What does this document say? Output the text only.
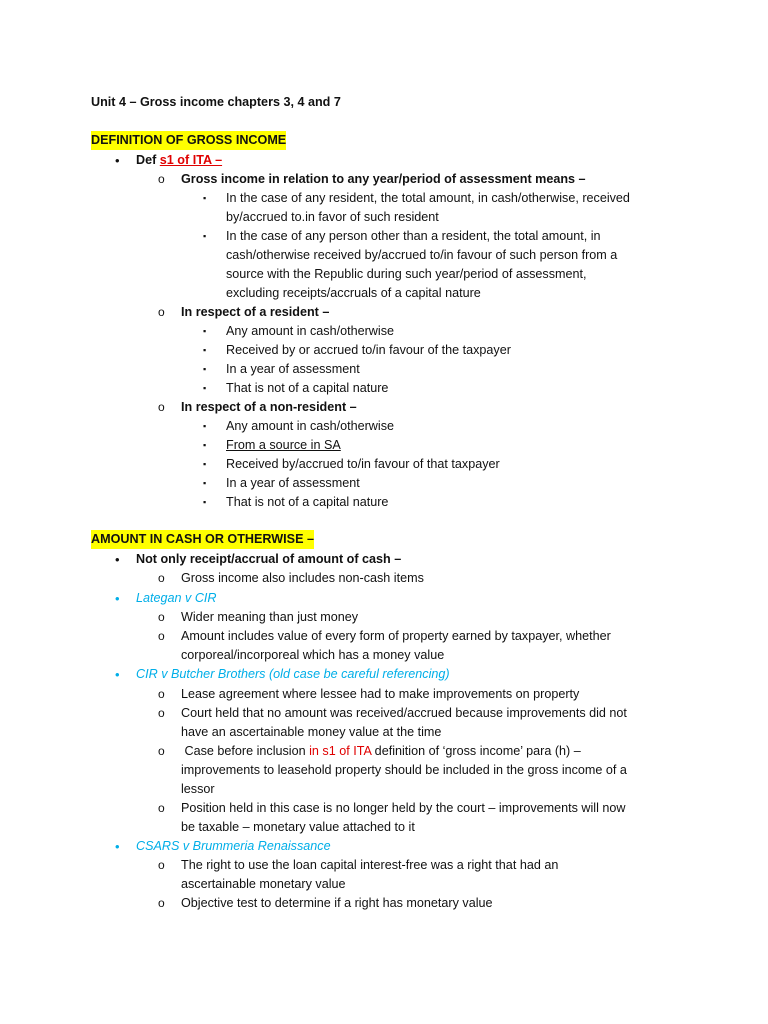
Unit 4 – Gross income chapters 3, 4 and 7
DEFINITION OF GROSS INCOME
• Def s1 of ITA –
o Gross income in relation to any year/period of assessment means –
▪ In the case of any resident, the total amount, in cash/otherwise, received
by/accrued to.in favor of such resident
▪ In the case of any person other than a resident, the total amount, in
cash/otherwise received by/accrued to/in favour of such person from a
source with the Republic during such year/period of assessment,
excluding receipts/accruals of a capital nature
o In respect of a resident –
▪ Any amount in cash/otherwise
▪ Received by or accrued to/in favour of the taxpayer
▪ In a year of assessment
▪ That is not of a capital nature
o In respect of a non-resident –
▪ Any amount in cash/otherwise
▪ From a source in SA
▪ Received by/accrued to/in favour of that taxpayer
▪ In a year of assessment
▪ That is not of a capital nature
AMOUNT IN CASH OR OTHERWISE –
• Not only receipt/accrual of amount of cash –
o Gross income also includes non-cash items
• Lategan v CIR
o Wider meaning than just money
o Amount includes value of every form of property earned by taxpayer, whether
corporeal/incorporeal which has a money value
• CIR v Butcher Brothers (old case be careful referencing)
o Lease agreement where lessee had to make improvements on property
o Court held that no amount was received/accrued because improvements did not
have an ascertainable money value at the time
o Case before inclusion in s1 of ITA definition of ‘gross income’ para (h) –
improvements to leasehold property should be included in the gross income of a
lessor
o Position held in this case is no longer held by the court – improvements will now
be taxable – monetary value attached to it
• CSARS v Brummeria Renaissance
o The right to use the loan capital interest-free was a right that had an
ascertainable monetary value
o Objective test to determine if a right has monetary value
